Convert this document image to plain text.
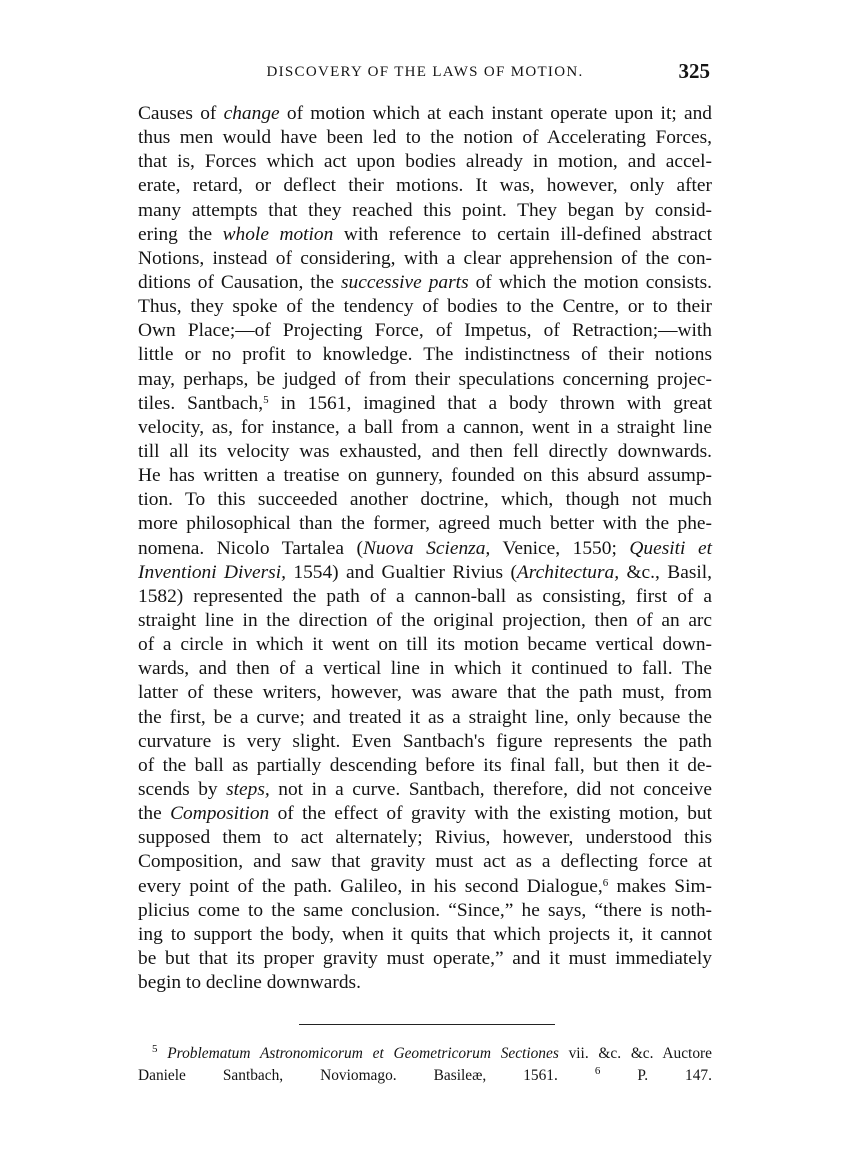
DISCOVERY OF THE LAWS OF MOTION.	325
Causes of change of motion which at each instant operate upon it; and
thus men would have been led to the notion of Accelerating Forces,
that is, Forces which act upon bodies already in motion, and accel-
erate, retard, or deflect their motions. It was, however, only after
many attempts that they reached this point. They began by consid-
ering the whole motion with reference to certain ill-defined abstract
Notions, instead of considering, with a clear apprehension of the con-
ditions of Causation, the successive parts of which the motion consists.
Thus, they spoke of the tendency of bodies to the Centre, or to their
Own Place;—of Projecting Force, of Impetus, of Retraction;—with
little or no profit to knowledge. The indistinctness of their notions
may, perhaps, be judged of from their speculations concerning projec-
tiles. Santbach,$^5$ in 1561, imagined that a body thrown with great
velocity, as, for instance, a ball from a cannon, went in a straight line
till all its velocity was exhausted, and then fell directly downwards.
He has written a treatise on gunnery, founded on this absurd assump-
tion. To this succeeded another doctrine, which, though not much
more philosophical than the former, agreed much better with the phe-
nomena. Nicolo Tartalea (Nuova Scienza, Venice, 1550; Quesiti et
Inventioni Diversi, 1554) and Gualtier Rivius (Architectura, &c., Basil,
1582) represented the path of a cannon-ball as consisting, first of a
straight line in the direction of the original projection, then of an arc
of a circle in which it went on till its motion became vertical down-
wards, and then of a vertical line in which it continued to fall. The
latter of these writers, however, was aware that the path must, from
the first, be a curve; and treated it as a straight line, only because the
curvature is very slight. Even Santbach's figure represents the path
of the ball as partially descending before its final fall, but then it de-
scends by steps, not in a curve. Santbach, therefore, did not conceive
the Composition of the effect of gravity with the existing motion, but
supposed them to act alternately; Rivius, however, understood this
Composition, and saw that gravity must act as a deflecting force at
every point of the path. Galileo, in his second Dialogue,$^6$ makes Sim-
plicius come to the same conclusion. “Since,” he says, “there is noth-
ing to support the body, when it quits that which projects it, it cannot
be but that its proper gravity must operate,” and it must immediately
begin to decline downwards.
$^5$ Problematum Astronomicorum et Geometricorum Sectiones vii. &c. &c. Auctore
Daniele Santbach, Noviomago. Basileæ, 1561.	$^6$ P. 147.
